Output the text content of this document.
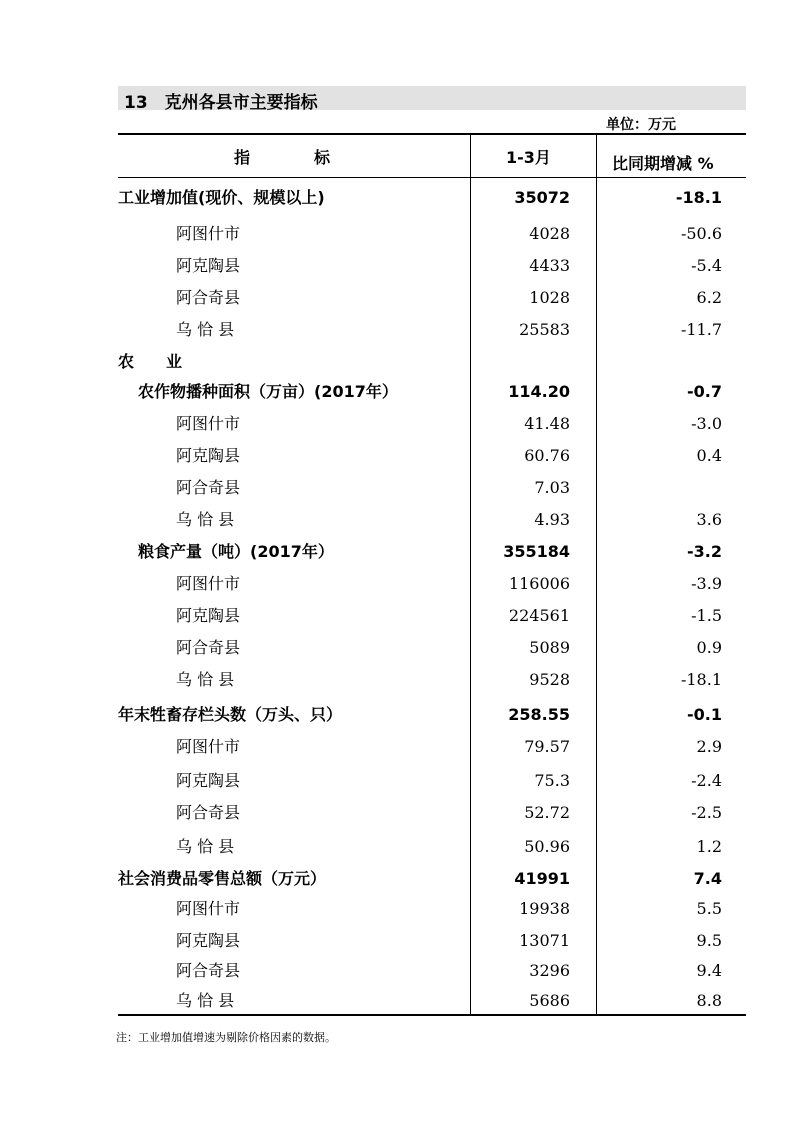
13　克州各县市主要指标
单位：万元
指　　　　标	1-3月	比同期增减 %
工业增加值(现价、规模以上)	35072	-18.1
阿图什市	4028	-50.6
阿克陶县	4433	-5.4
阿合奇县	1028	6.2
乌 恰 县	25583	-11.7
农　　业
农作物播种面积（万亩）(2017年）	114.20	-0.7
阿图什市	41.48	-3.0
阿克陶县	60.76	0.4
阿合奇县	7.03
乌 恰 县	4.93	3.6
粮食产量（吨）(2017年）	355184	-3.2
阿图什市	116006	-3.9
阿克陶县	224561	-1.5
阿合奇县	5089	0.9
乌 恰 县	9528	-18.1
年末牲畜存栏头数（万头、只）	258.55	-0.1
阿图什市	79.57	2.9
阿克陶县	75.3	-2.4
阿合奇县	52.72	-2.5
乌 恰 县	50.96	1.2
社会消费品零售总额（万元）	41991	7.4
阿图什市	19938	5.5
阿克陶县	13071	9.5
阿合奇县	3296	9.4
乌 恰 县	5686	8.8
注：工业增加值增速为剔除价格因素的数据。
